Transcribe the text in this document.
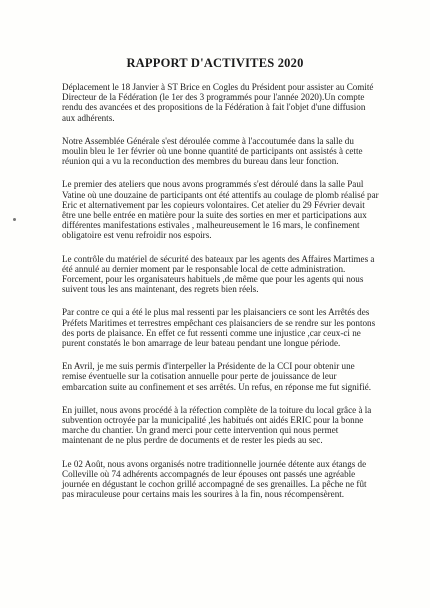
RAPPORT D'ACTIVITES 2020

Déplacement le 18 Janvier à ST Brice en Cogles du Président pour assister au Comité Directeur de la Fédération (le 1er des 3 programmés pour l'année 2020).Un compte rendu des avancées et des propositions de la Fédération à fait l'objet d'une diffusion aux adhérents.

Notre Assemblée Générale s'est déroulée comme à l'accoutumée dans la salle du moulin bleu le 1er février où une bonne quantité de participants ont assistés à cette réunion qui a vu la reconduction des membres du bureau dans leur fonction.

Le premier des ateliers que nous avons programmés s'est déroulé dans la salle Paul Vatine où une douzaine de participants ont été attentifs au coulage de plomb réalisé par Eric et alternativement par les copieurs volontaires. Cet atelier du 29 Février devait être une belle entrée en matière pour la suite des sorties en mer et participations aux différentes manifestations estivales , malheureusement le 16 mars, le confinement obligatoire est venu refroidir nos espoirs.

Le contrôle du matériel de sécurité des bateaux par les agents des Affaires Martimes a été annulé au dernier moment par le responsable local de cette administration. Forcement, pour les organisateurs habituels ,de même que pour les agents qui nous suivent tous les ans maintenant, des regrets bien réels.

Par contre ce qui a été le plus mal ressenti par les plaisanciers ce sont les Arrêtés des Préfets Maritimes et terrestres empêchant ces plaisanciers de se rendre sur les pontons des ports de plaisance. En effet ce fut ressenti comme une injustice ,car ceux-ci ne purent constatés le bon amarrage de leur bateau pendant une longue période.

En Avril, je me suis permis d'interpeller la Présidente de la CCI pour obtenir une remise éventuelle sur la cotisation annuelle pour perte de jouissance de leur embarcation suite au confinement et ses arrêtés. Un refus, en réponse me fut signifié.

En juillet, nous avons procédé à la réfection complète de la toiture du local grâce à la subvention octroyée par la municipalité ,les habitués ont aidés ERIC pour la bonne marche du chantier. Un grand merci pour cette intervention qui nous permet maintenant de ne plus perdre de documents et de rester les pieds au sec.

Le 02 Août, nous avons organisés notre traditionnelle journée détente aux étangs de Colleville où 74 adhérents accompagnés de leur épouses ont passés une agréable journée en dégustant le cochon grillé accompagné de ses grenailles. La pêche ne fût pas miraculeuse pour certains mais les sourires à la fin, nous récompensèrent.
